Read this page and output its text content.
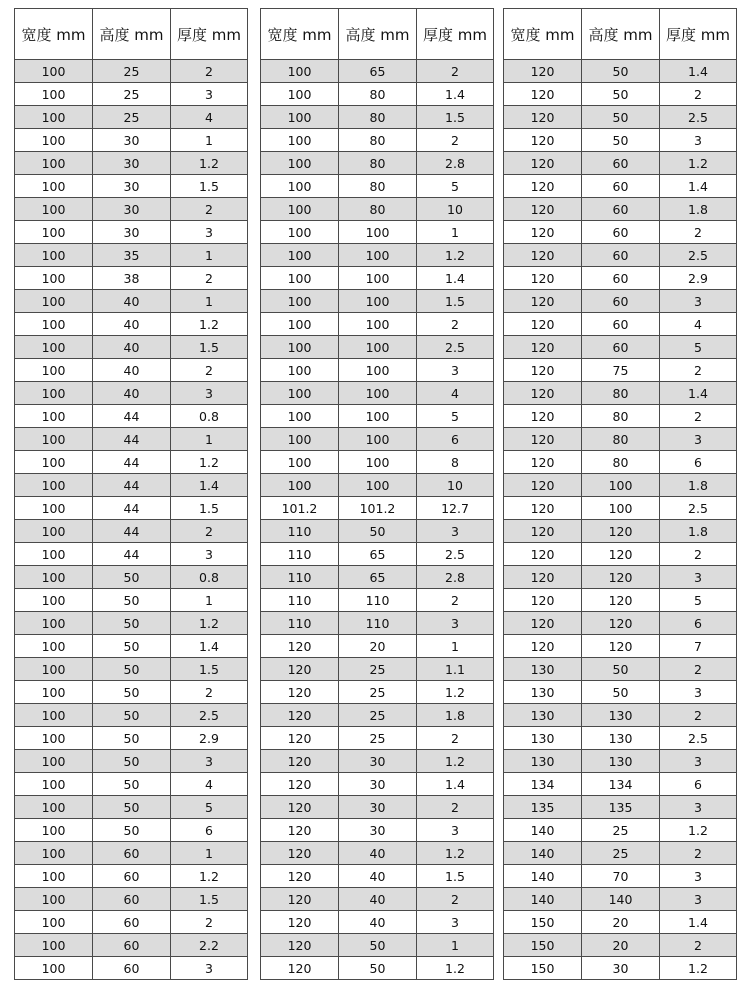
宽度 mm	高度 mm	厚度 mm
100	25	2
100	25	3
100	25	4
100	30	1
100	30	1.2
100	30	1.5
100	30	2
100	30	3
100	35	1
100	38	2
100	40	1
100	40	1.2
100	40	1.5
100	40	2
100	40	3
100	44	0.8
100	44	1
100	44	1.2
100	44	1.4
100	44	1.5
100	44	2
100	44	3
100	50	0.8
100	50	1
100	50	1.2
100	50	1.4
100	50	1.5
100	50	2
100	50	2.5
100	50	2.9
100	50	3
100	50	4
100	50	5
100	50	6
100	60	1
100	60	1.2
100	60	1.5
100	60	2
100	60	2.2
100	60	3
宽度 mm	高度 mm	厚度 mm
100	65	2
100	80	1.4
100	80	1.5
100	80	2
100	80	2.8
100	80	5
100	80	10
100	100	1
100	100	1.2
100	100	1.4
100	100	1.5
100	100	2
100	100	2.5
100	100	3
100	100	4
100	100	5
100	100	6
100	100	8
100	100	10
101.2	101.2	12.7
110	50	3
110	65	2.5
110	65	2.8
110	110	2
110	110	3
120	20	1
120	25	1.1
120	25	1.2
120	25	1.8
120	25	2
120	30	1.2
120	30	1.4
120	30	2
120	30	3
120	40	1.2
120	40	1.5
120	40	2
120	40	3
120	50	1
120	50	1.2
宽度 mm	高度 mm	厚度 mm
120	50	1.4
120	50	2
120	50	2.5
120	50	3
120	60	1.2
120	60	1.4
120	60	1.8
120	60	2
120	60	2.5
120	60	2.9
120	60	3
120	60	4
120	60	5
120	75	2
120	80	1.4
120	80	2
120	80	3
120	80	6
120	100	1.8
120	100	2.5
120	120	1.8
120	120	2
120	120	3
120	120	5
120	120	6
120	120	7
130	50	2
130	50	3
130	130	2
130	130	2.5
130	130	3
134	134	6
135	135	3
140	25	1.2
140	25	2
140	70	3
140	140	3
150	20	1.4
150	20	2
150	30	1.2
